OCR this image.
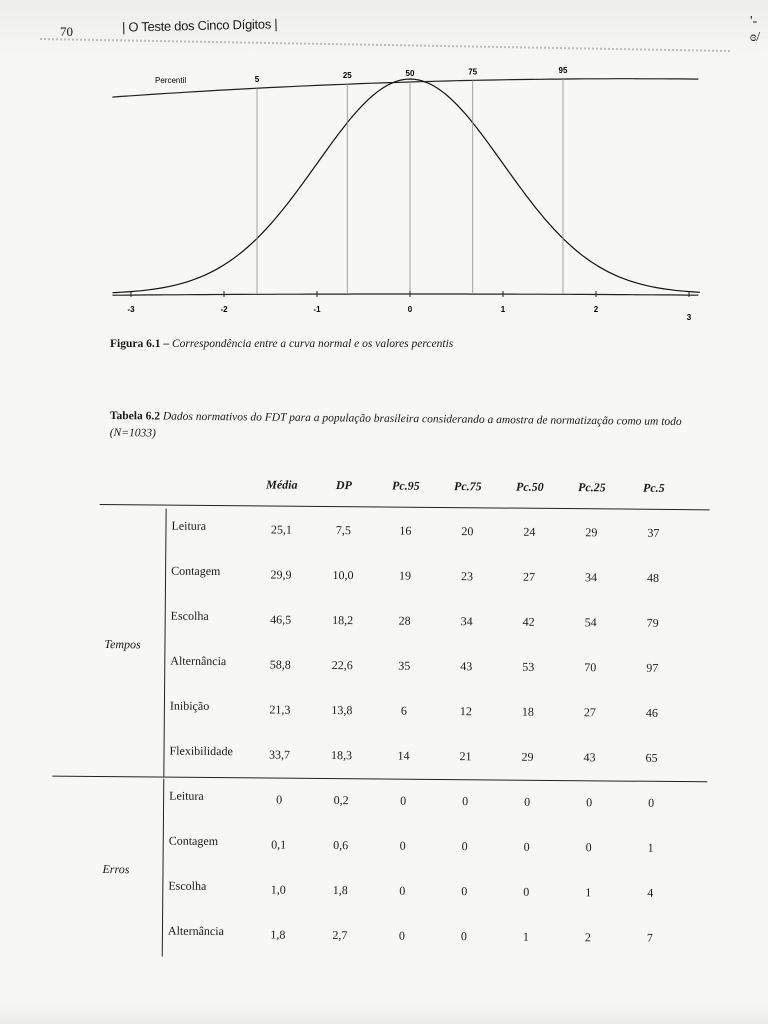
70	| O Teste dos Cinco Dígitos |	'-ɞ/
5	25	50	75	95
Percentil
-3	-2	-1	0	1	2
3
Figura 6.1 – Correspondência entre a curva normal e os valores percentis
Tabela 6.2 Dados normativos do FDT para a população brasileira considerando a amostra de normatização como um todo (N=1033)
Média	DP	Pc.95	Pc.75	Pc.50	Pc.25	Pc.5
Leitura	25,1	7,5	16	20	24	29	37
Contagem	29,9	10,0	19	23	27	34	48
Escolha	46,5	18,2	28	34	42	54	79
Alternância	58,8	22,6	35	43	53	70	97
Inibição	21,3	13,8	6	12	18	27	46
Flexibilidade	33,7	18,3	14	21	29	43	65
Tempos
Leitura	0	0,2	0	0	0	0	0
Contagem	0,1	0,6	0	0	0	0	1
Escolha	1,0	1,8	0	0	0	1	4
Alternância	1,8	2,7	0	0	1	2	7
Erros
